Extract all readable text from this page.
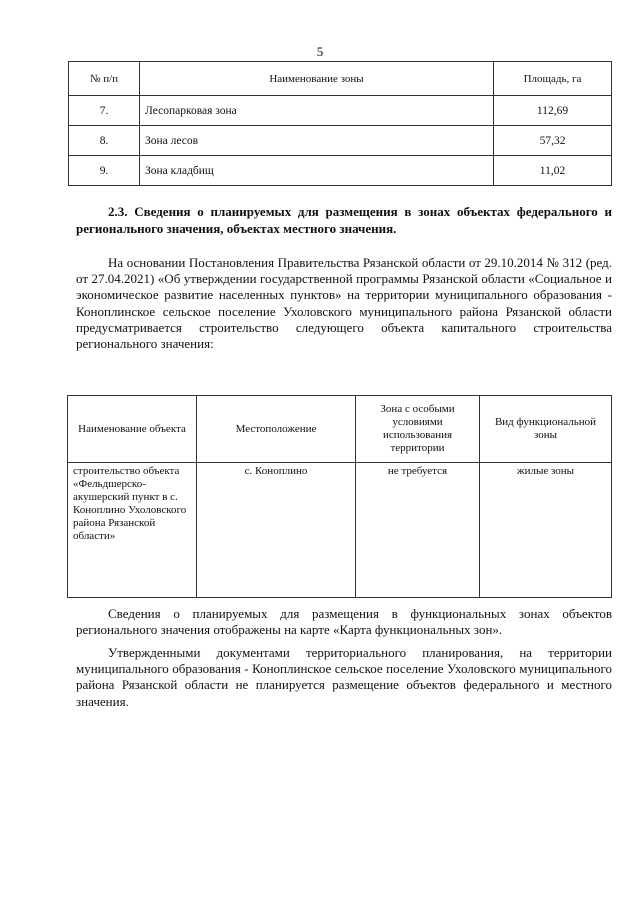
5
№ п/п	Наименование зоны	Площадь, га
7.	Лесопарковая зона	112,69
8.	Зона лесов	57,32
9.	Зона кладбищ	11,02
2.3. Сведения о планируемых для размещения в зонах объектах федерального и регионального значения, объектах местного значения.
На основании Постановления Правительства Рязанской области от 29.10.2014 № 312 (ред. от 27.04.2021) «Об утверждении государственной программы Рязанской области «Социальное и экономическое развитие населенных пунктов» на территории муниципального образования - Коноплинское сельское поселение Ухоловского муниципального района Рязанской области предусматривается строительство следующего объекта капитального строительства регионального значения:
Наименование объекта	Местоположение	Зона с особыми условиями использования территории	Вид функциональной зоны
строительство объекта «Фельдшерско-акушерский пункт в с. Коноплино Ухоловского района Рязанской области»	с. Коноплино	не требуется	жилые зоны
Сведения о планируемых для размещения в функциональных зонах объектов регионального значения отображены на карте «Карта функциональных зон».
Утвержденными документами территориального планирования, на территории муниципального образования - Коноплинское сельское поселение Ухоловского муниципального района Рязанской области не планируется размещение объектов федерального и местного значения.
